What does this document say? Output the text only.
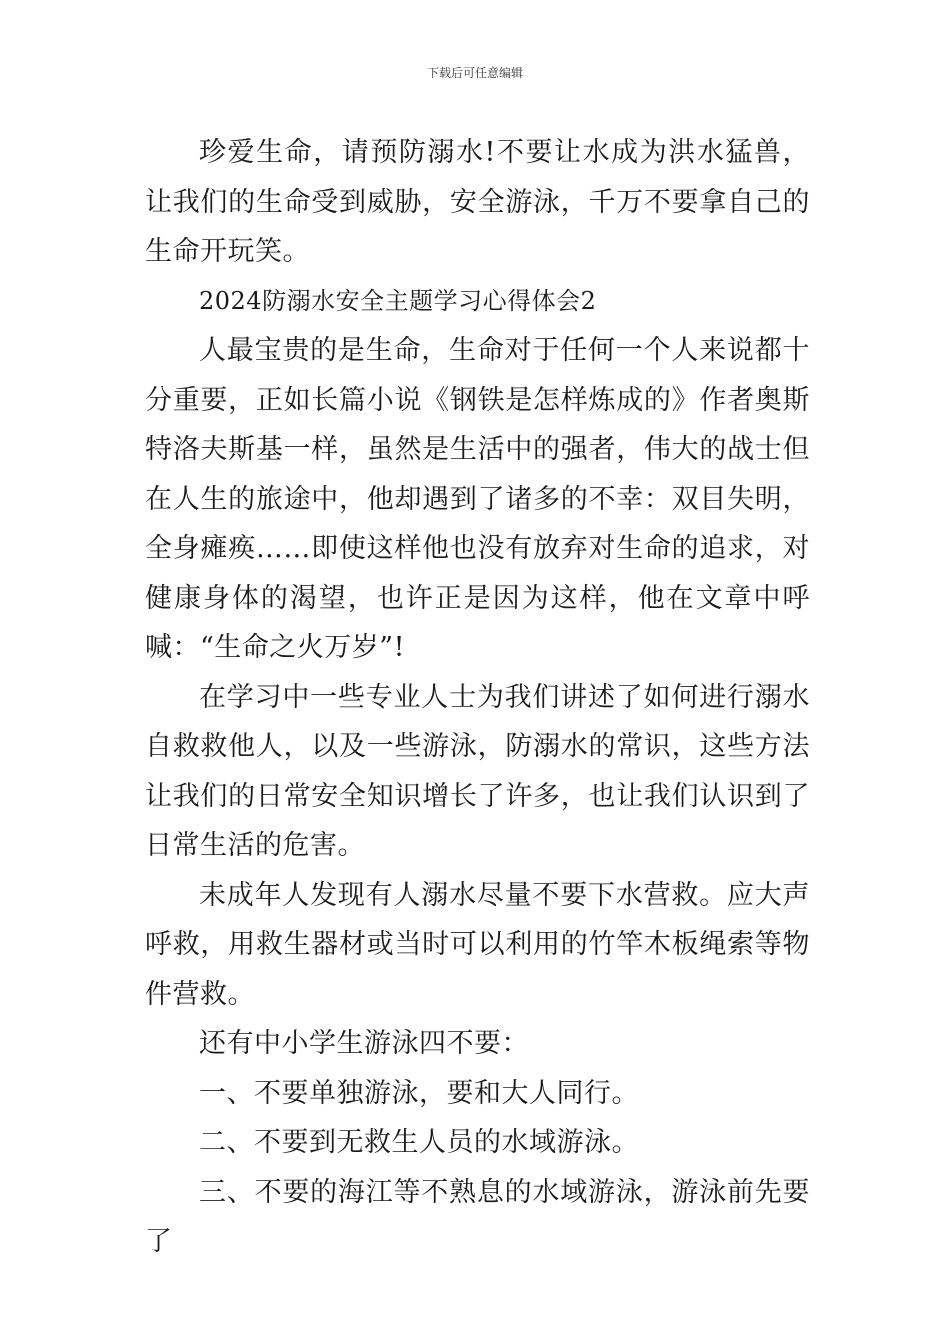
下载后可任意编辑

珍爱生命，请预防溺水!不要让水成为洪水猛兽，让我们的生命受到威胁，安全游泳，千万不要拿自己的生命开玩笑。

2024防溺水安全主题学习心得体会2

人最宝贵的是生命，生命对于任何一个人来说都十分重要，正如长篇小说《钢铁是怎样炼成的》作者奥斯特洛夫斯基一样，虽然是生活中的强者，伟大的战士但在人生的旅途中，他却遇到了诸多的不幸：双目失明，全身瘫痪……即使这样他也没有放弃对生命的追求，对健康身体的渴望，也许正是因为这样，他在文章中呼喊：“生命之火万岁”!

在学习中一些专业人士为我们讲述了如何进行溺水自救救他人，以及一些游泳，防溺水的常识，这些方法让我们的日常安全知识增长了许多，也让我们认识到了日常生活的危害。

未成年人发现有人溺水尽量不要下水营救。应大声呼救，用救生器材或当时可以利用的竹竿木板绳索等物件营救。

还有中小学生游泳四不要：

一、不要单独游泳，要和大人同行。

二、不要到无救生人员的水域游泳。

三、不要的海江等不熟息的水域游泳，游泳前先要了
